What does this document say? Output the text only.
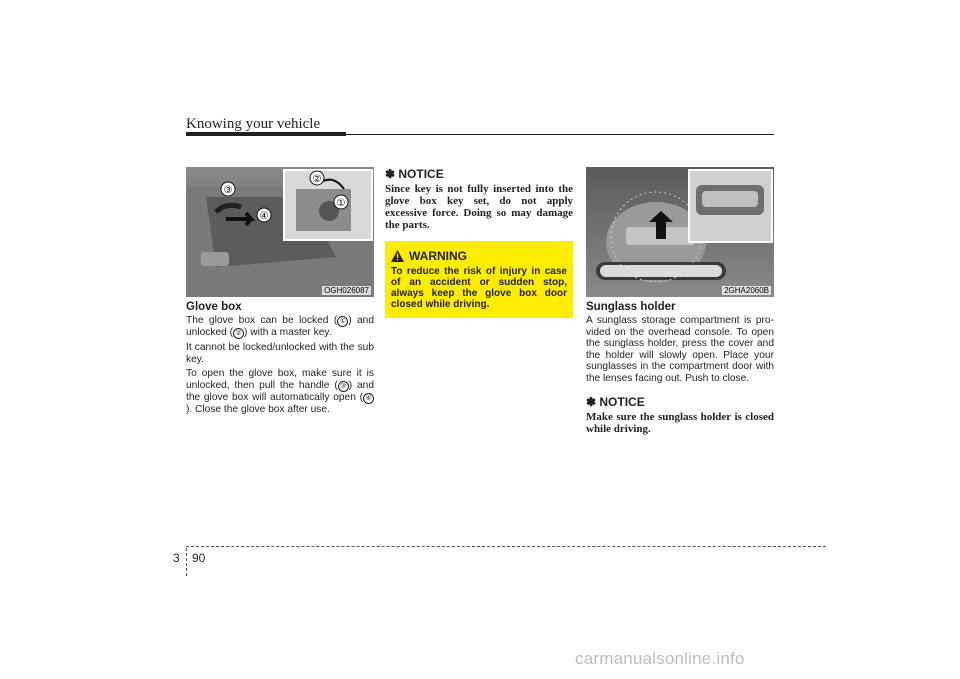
Knowing your vehicle
③
④
②
①
OGH026087
Glove box

The glove box can be locked ( ① ) and unlocked ( ② ) with a master key.

It cannot be locked/unlocked with the sub key.

To open the glove box, make sure it is unlocked, then pull the handle ( ③ ) and the glove box will automatically open ( ④). Close the glove box after use.

✽ NOTICE

Since key is not fully inserted into the glove box key set, do not apply excessive force. Doing so may damage the parts.

WARNING

To reduce the risk of injury in case of an accident or sudden stop, always keep the glove box door closed while driving.

2GHA2060B
Sunglass holder

A sunglass storage compartment is pro-vided on the overhead console. To open the sunglass holder, press the cover and the holder will slowly open. Place your sunglasses in the compartment door with the lenses facing out. Push to close.

✽ NOTICE

Make sure the sunglass holder is closed while driving.

3 90
carmanualsonline.info
